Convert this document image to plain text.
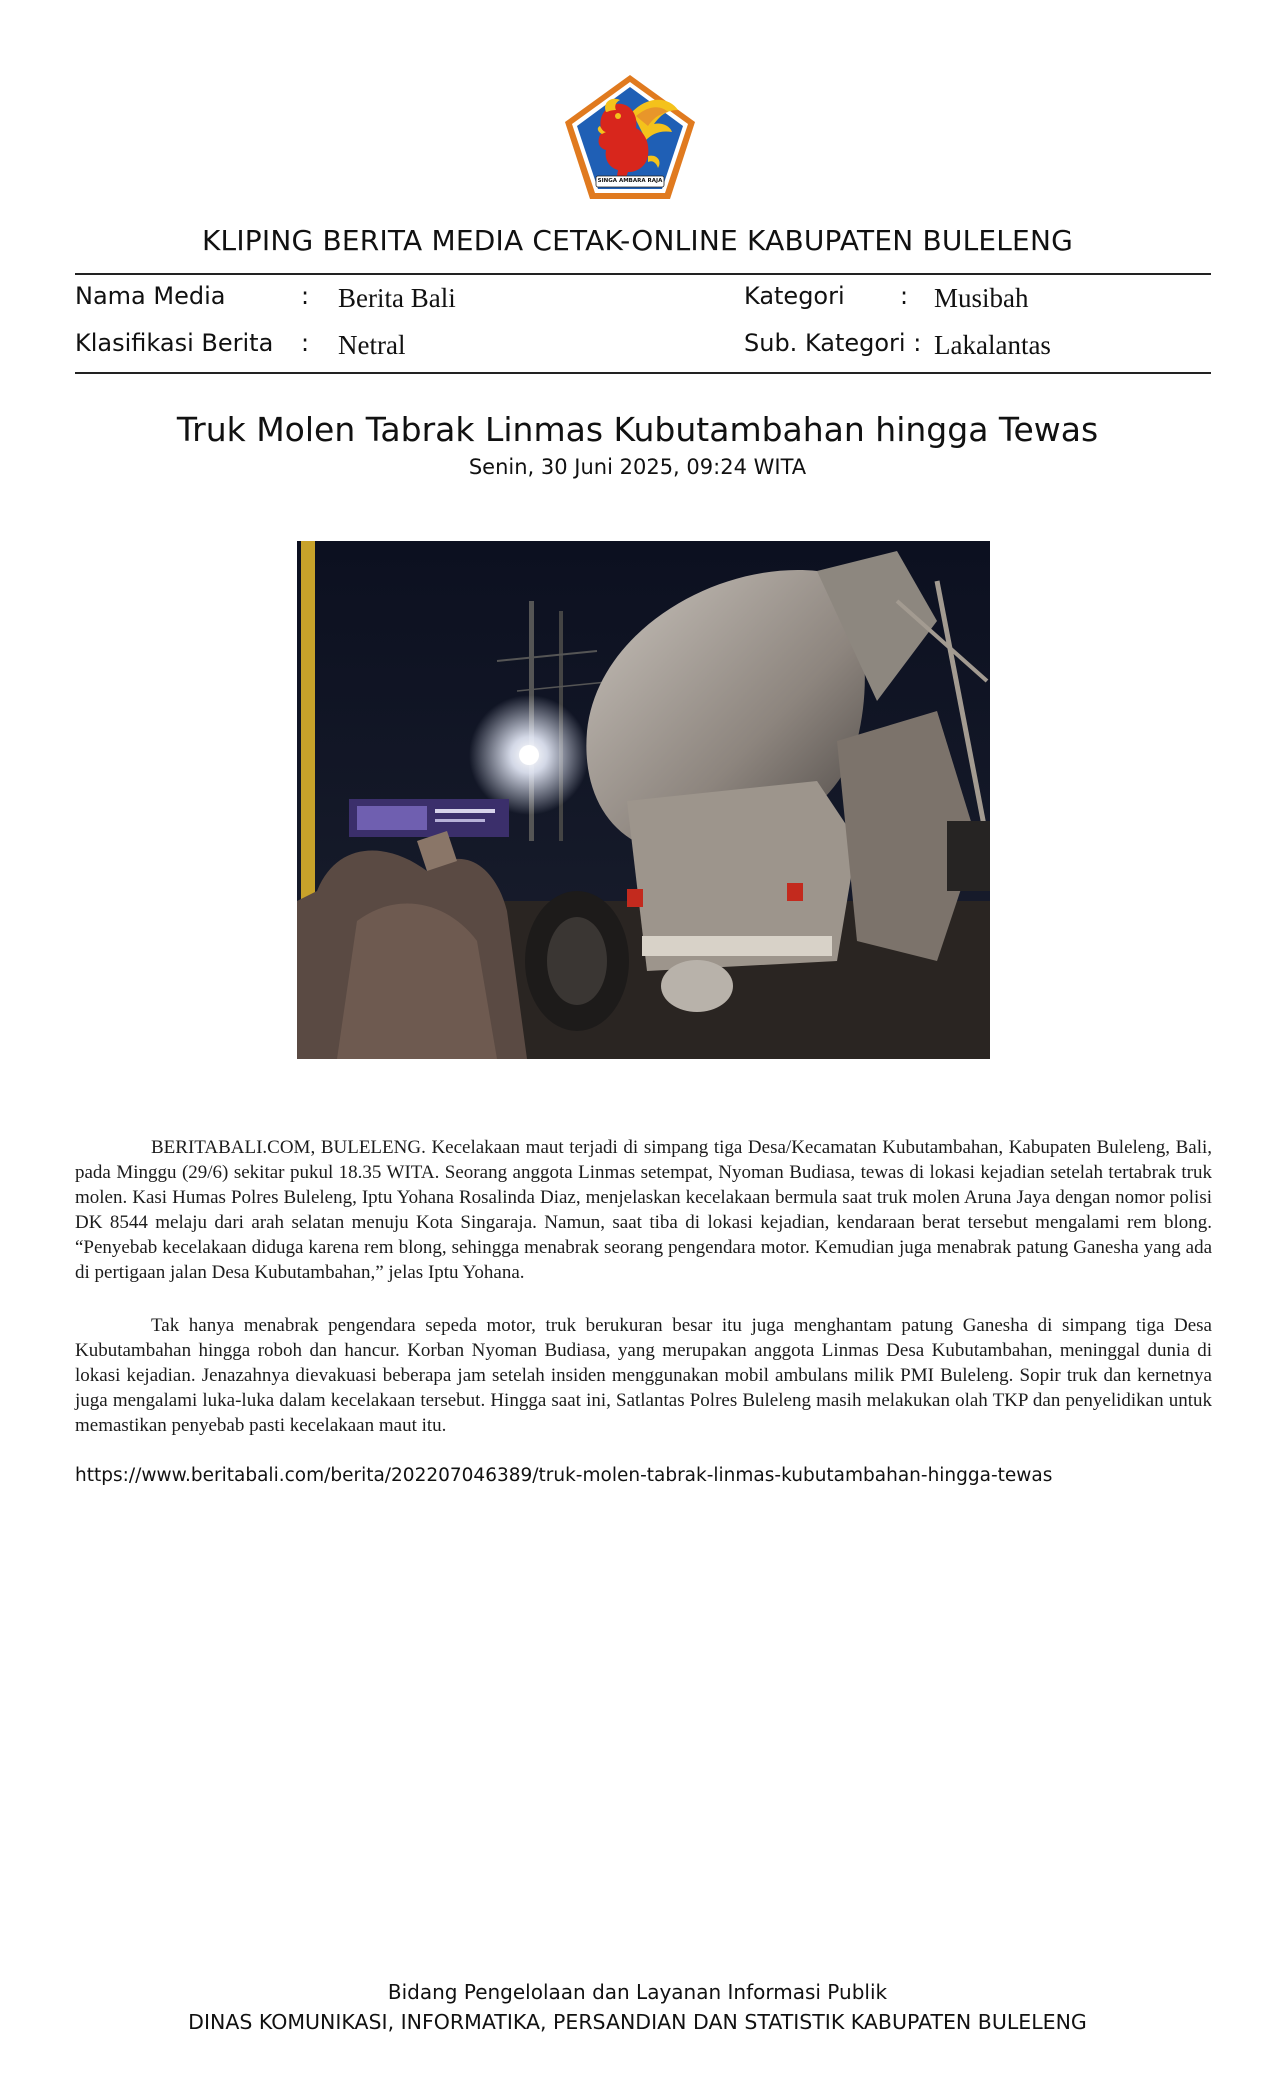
SINGA AMBARA RAJA
KLIPING BERITA MEDIA CETAK-ONLINE KABUPATEN BULELENG
Nama Media	: Berita Bali	Kategori : Musibah
Klasifikasi Berita : Netral	Sub. Kategori : Lakalantas
Truk Molen Tabrak Linmas Kubutambahan hingga Tewas
Senin, 30 Juni 2025, 09:24 WITA

BERITABALI.COM, BULELENG. Kecelakaan maut terjadi di simpang tiga Desa/Kecamatan Kubutambahan, Kabupaten Buleleng, Bali, pada Minggu (29/6) sekitar pukul 18.35 WITA. Seorang anggota Linmas setempat, Nyoman Budiasa, tewas di lokasi kejadian setelah tertabrak truk molen. Kasi Humas Polres Buleleng, Iptu Yohana Rosalinda Diaz, menjelaskan kecelakaan bermula saat truk molen Aruna Jaya dengan nomor polisi DK 8544 melaju dari arah selatan menuju Kota Singaraja. Namun, saat tiba di lokasi kejadian, kendaraan berat tersebut mengalami rem blong. “Penyebab kecelakaan diduga karena rem blong, sehingga menabrak seorang pengendara motor. Kemudian juga menabrak patung Ganesha yang ada di pertigaan jalan Desa Kubutambahan,” jelas Iptu Yohana.

Tak hanya menabrak pengendara sepeda motor, truk berukuran besar itu juga menghantam patung Ganesha di simpang tiga Desa Kubutambahan hingga roboh dan hancur. Korban Nyoman Budiasa, yang merupakan anggota Linmas Desa Kubutambahan, meninggal dunia di lokasi kejadian. Jenazahnya dievakuasi beberapa jam setelah insiden menggunakan mobil ambulans milik PMI Buleleng. Sopir truk dan kernetnya juga mengalami luka-luka dalam kecelakaan tersebut. Hingga saat ini, Satlantas Polres Buleleng masih melakukan olah TKP dan penyelidikan untuk memastikan penyebab pasti kecelakaan maut itu.

https://www.beritabali.com/berita/202207046389/truk-molen-tabrak-linmas-kubutambahan-hingga-tewas
Bidang Pengelolaan dan Layanan Informasi Publik
DINAS KOMUNIKASI, INFORMATIKA, PERSANDIAN DAN STATISTIK KABUPATEN BULELENG
